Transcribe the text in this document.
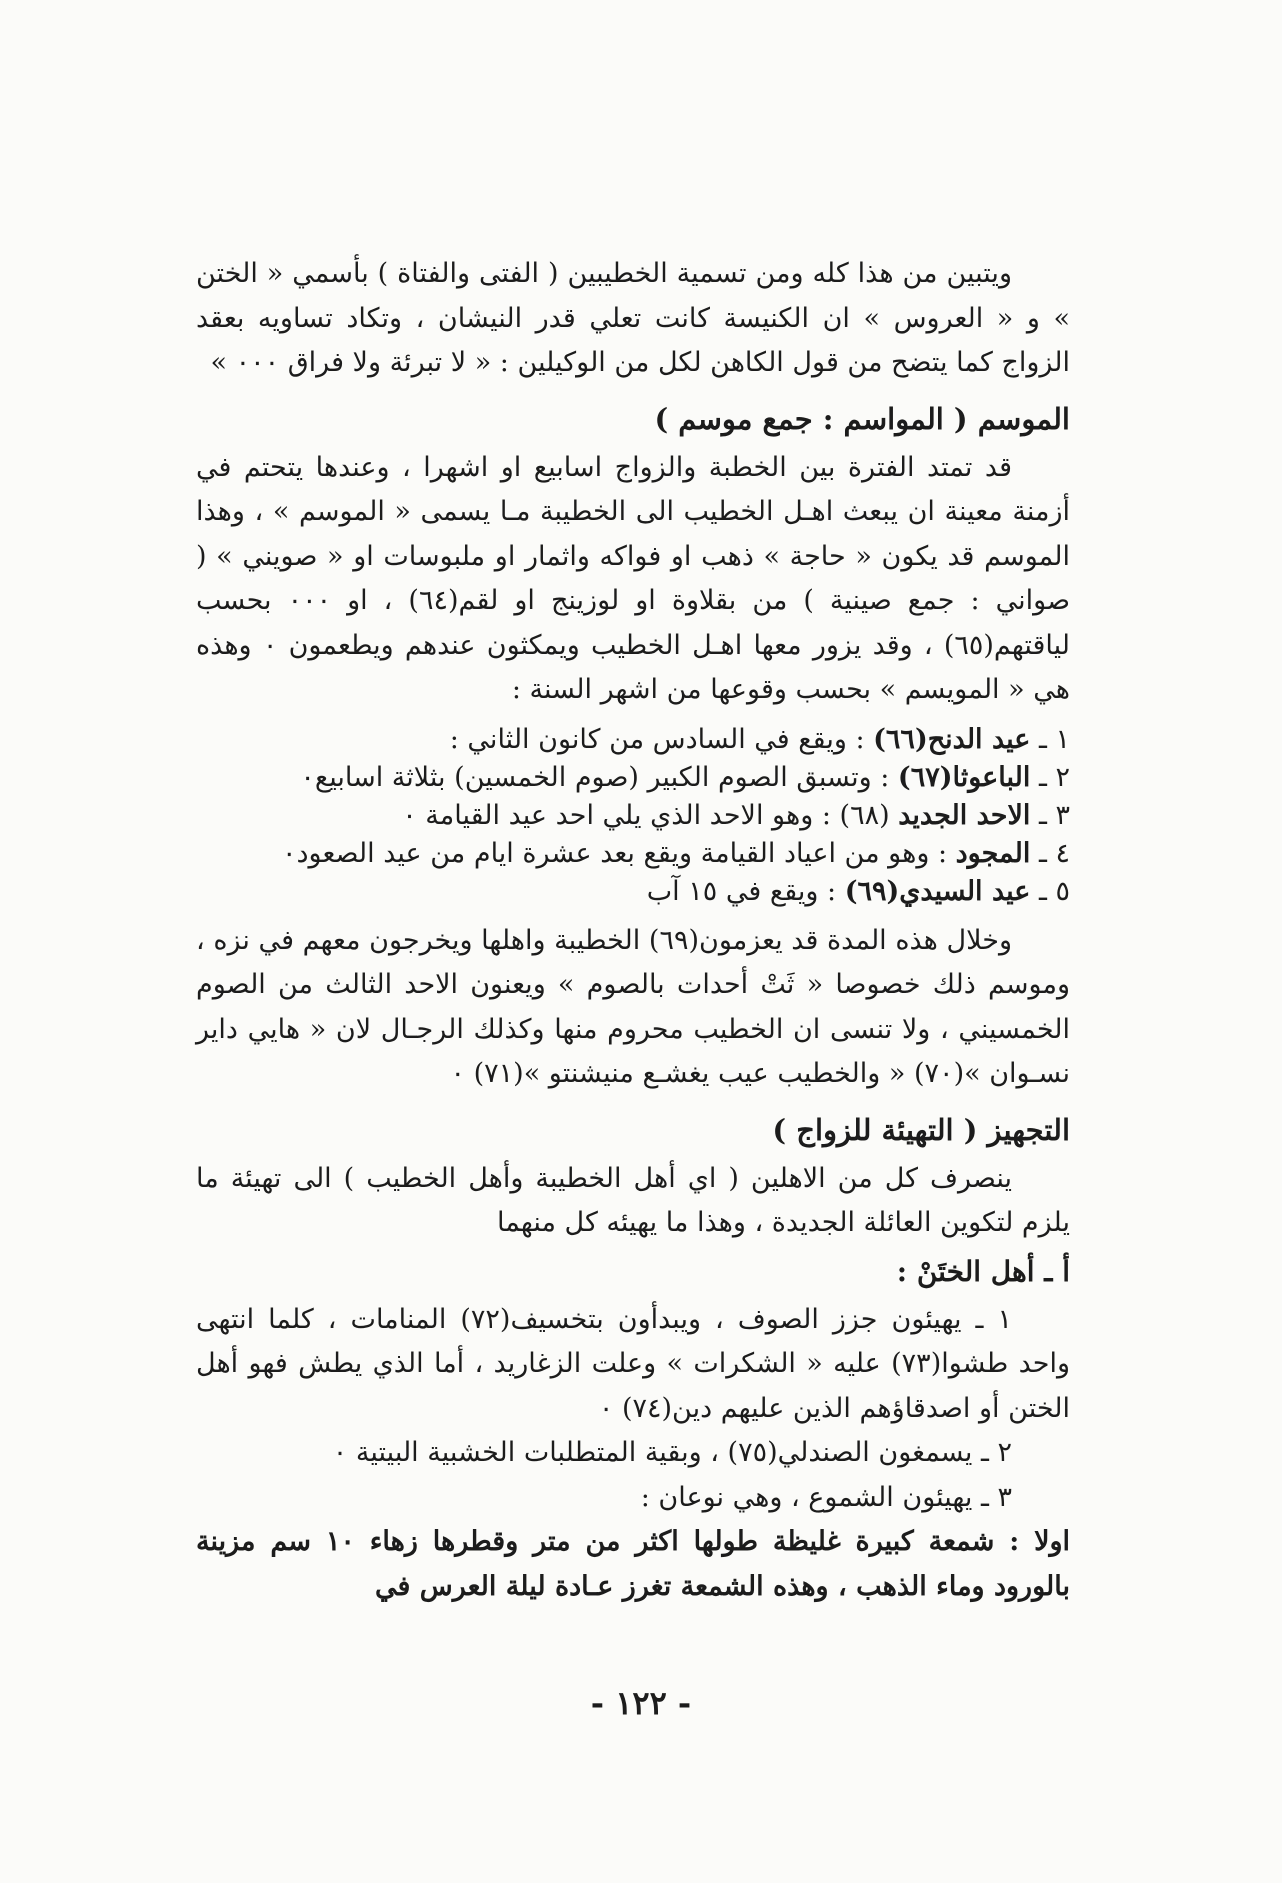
ويتبين من هذا كله ومن تسمية الخطيبين ( الفتى والفتاة ) بأسمي « الختن » و « العروس » ان الكنيسة كانت تعلي قدر النيشان ، وتكاد تساويه بعقد الزواج كما يتضح من قول الكاهن لكل من الوكيلين : « لا تبرئة ولا فراق ٠٠٠ »

الموسم ( المواسم : جمع موسم )

قد تمتد الفترة بين الخطبة والزواج اسابيع او اشهرا ، وعندها يتحتم في أزمنة معينة ان يبعث اهـل الخطيب الى الخطيبة مـا يسمى « الموسم » ، وهذا الموسم قد يكون « حاجة » ذهب او فواكه واثمار او ملبوسات او « صويني » ( صواني : جمع صينية ) من بقلاوة او لوزينج او لقم(٦٤) ، او ٠٠٠ بحسب لياقتهم(٦٥) ، وقد يزور معها اهـل الخطيب ويمكثون عندهم ويطعمون ٠ وهذه هي « المويسم » بحسب وقوعها من اشهر السنة :

١ ـ عيد الدنح(٦٦) : ويقع في السادس من كانون الثاني :

٢ ـ الباعوثا(٦٧) : وتسبق الصوم الكبير (صوم الخمسين) بثلاثة اسابيع٠

٣ ـ الاحد الجديد (٦٨) : وهو الاحد الذي يلي احد عيد القيامة ٠

٤ ـ المجود : وهو من اعياد القيامة ويقع بعد عشرة ايام من عيد الصعود٠

٥ ـ عيد السيدي(٦٩) : ويقع في ١٥ آب

وخلال هذه المدة قد يعزمون(٦٩) الخطيبة واهلها ويخرجون معهم في نزه ، وموسم ذلك خصوصا « ثَتْ أحدات بالصوم » ويعنون الاحد الثالث من الصوم الخمسيني ، ولا تنسى ان الخطيب محروم منها وكذلك الرجـال لان « هايي داير نسـوان »(٧٠) « والخطيب عيب يغشـع منيشنتو »(٧١) ٠

التجهيز ( التهيئة للزواج )

ينصرف كل من الاهلين ( اي أهل الخطيبة وأهل الخطيب ) الى تهيئة ما يلزم لتكوين العائلة الجديدة ، وهذا ما يهيئه كل منهما

أ ـ أهل الختَنْ :

١ ـ يهيئون جزز الصوف ، ويبدأون بتخسيف(٧٢) المنامات ، كلما انتهى واحد طشوا(٧٣) عليه « الشكرات » وعلت الزغاريد ، أما الذي يطش فهو أهل الختن أو اصدقاؤهم الذين عليهم دين(٧٤) ٠

٢ ـ يسمغون الصندلي(٧٥) ، وبقية المتطلبات الخشبية البيتية ٠

٣ ـ يهيئون الشموع ، وهي نوعان :

اولا : شمعة كبيرة غليظة طولها اكثر من متر وقطرها زهاء ١٠ سم مزينة بالورود وماء الذهب ، وهذه الشمعة تغرز عـادة ليلة العرس في

- ١٢٢ -
